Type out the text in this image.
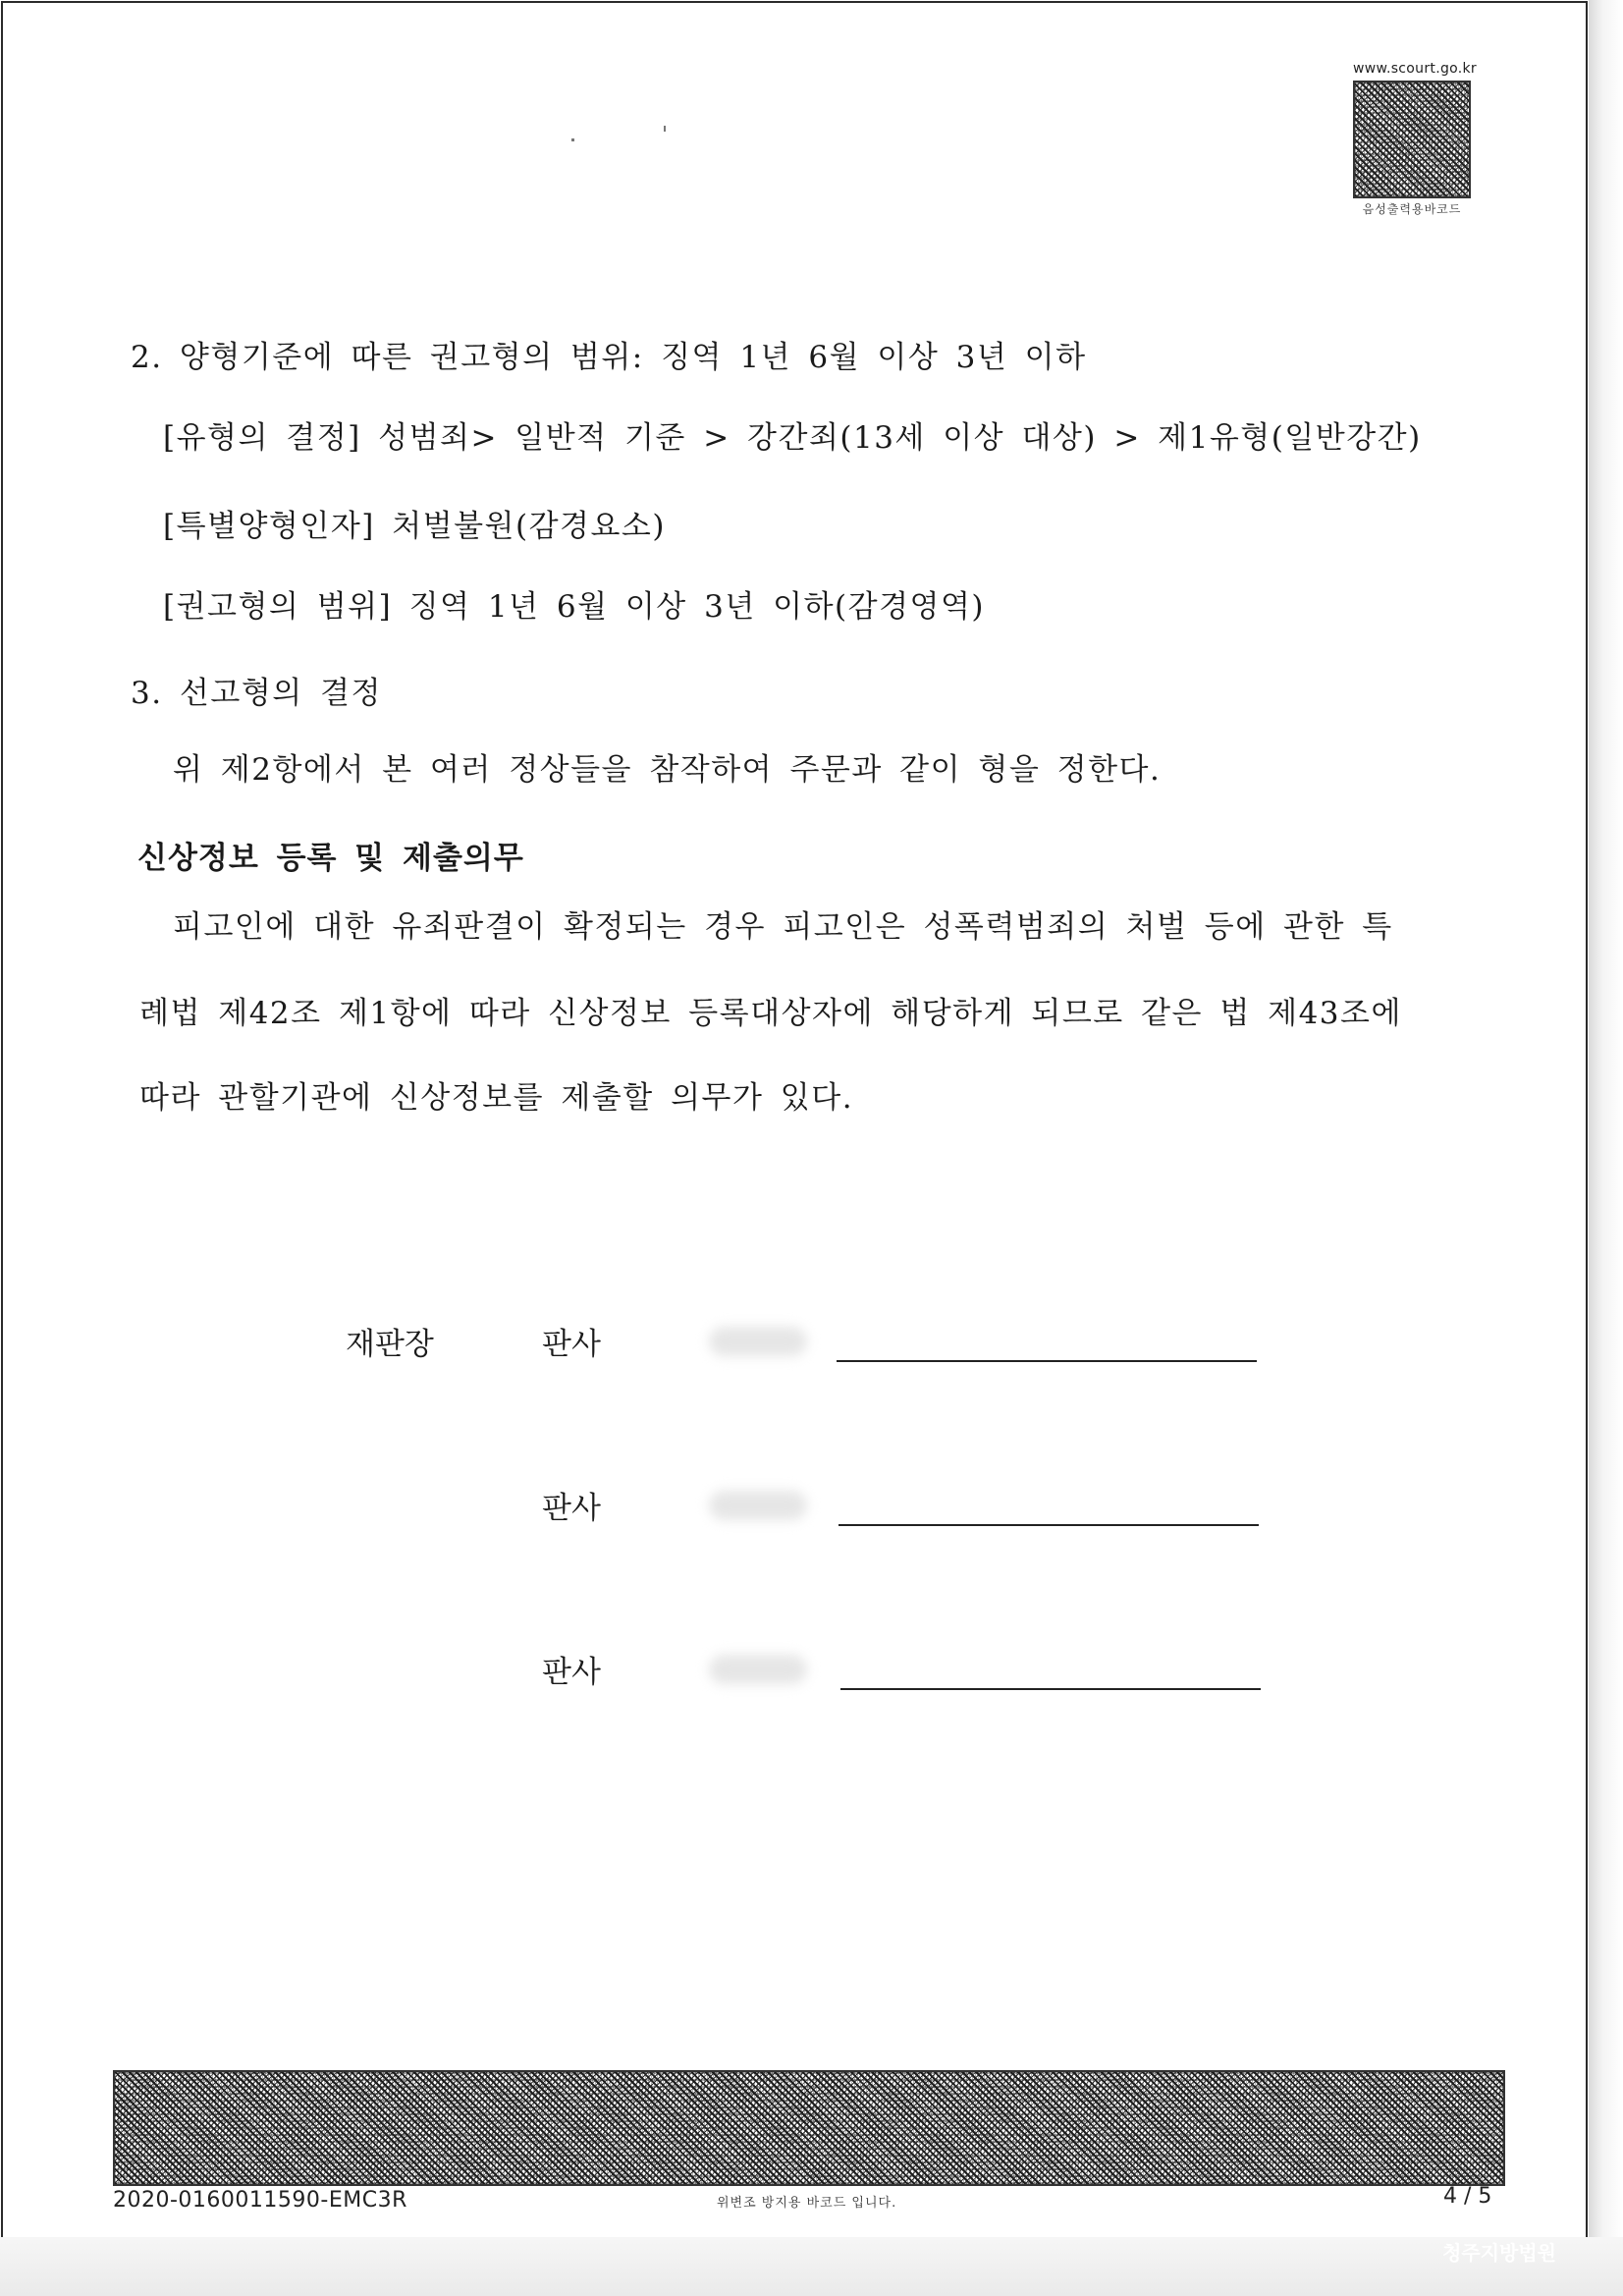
청주지방법원
www.scourt.go.kr
음성출력용바코드
2. 양형기준에 따른 권고형의 범위: 징역 1년 6월 이상 3년 이하
[유형의 결정] 성범죄> 일반적 기준 > 강간죄(13세 이상 대상) > 제1유형(일반강간)
[특별양형인자] 처벌불원(감경요소)
[권고형의 범위] 징역 1년 6월 이상 3년 이하(감경영역)
3. 선고형의 결정
위 제2항에서 본 여러 정상들을 참작하여 주문과 같이 형을 정한다.
신상정보 등록 및 제출의무
피고인에 대한 유죄판결이 확정되는 경우 피고인은 성폭력범죄의 처벌 등에 관한 특
례법 제42조 제1항에 따라 신상정보 등록대상자에 해당하게 되므로 같은 법 제43조에
따라 관할기관에 신상정보를 제출할 의무가 있다.
재판장	판사
판사
판사
2020-0160011590-EMC3R	위변조 방지용 바코드 입니다.	4 / 5
